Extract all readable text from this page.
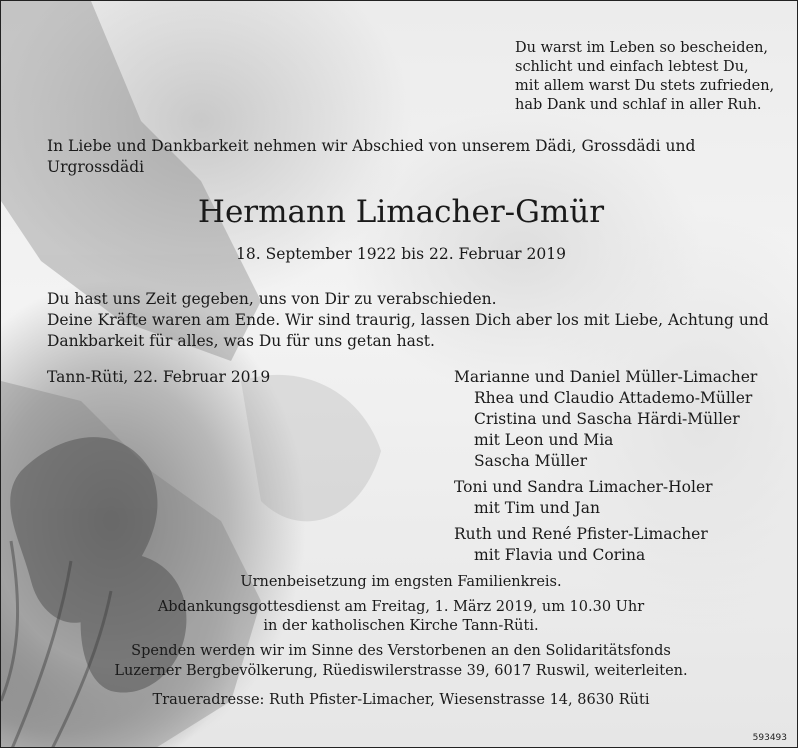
Du warst im Leben so bescheiden,
schlicht und einfach lebtest Du,
mit allem warst Du stets zufrieden,
hab Dank und schlaf in aller Ruh.
In Liebe und Dankbarkeit nehmen wir Abschied von unserem Dädi, Grossdädi und
Urgrossdädi
Hermann Limacher-Gmür
18. September 1922 bis 22. Februar 2019
Du hast uns Zeit gegeben, uns von Dir zu verabschieden.
Deine Kräfte waren am Ende. Wir sind traurig, lassen Dich aber los mit Liebe, Achtung und
Dankbarkeit für alles, was Du für uns getan hast.
Tann-Rüti, 22. Februar 2019	Marianne und Daniel Müller-Limacher
Rhea und Claudio Attademo-Müller
Cristina und Sascha Härdi-Müller
mit Leon und Mia
Sascha Müller
Toni und Sandra Limacher-Holer
mit Tim und Jan
Ruth und René Pfister-Limacher
mit Flavia und Corina
Urnenbeisetzung im engsten Familienkreis.
Abdankungsgottesdienst am Freitag, 1. März 2019, um 10.30 Uhr
in der katholischen Kirche Tann-Rüti.
Spenden werden wir im Sinne des Verstorbenen an den Solidaritätsfonds
Luzerner Bergbevölkerung, Rüediswilerstrasse 39, 6017 Ruswil, weiterleiten.
Traueradresse: Ruth Pfister-Limacher, Wiesenstrasse 14, 8630 Rüti
593493
